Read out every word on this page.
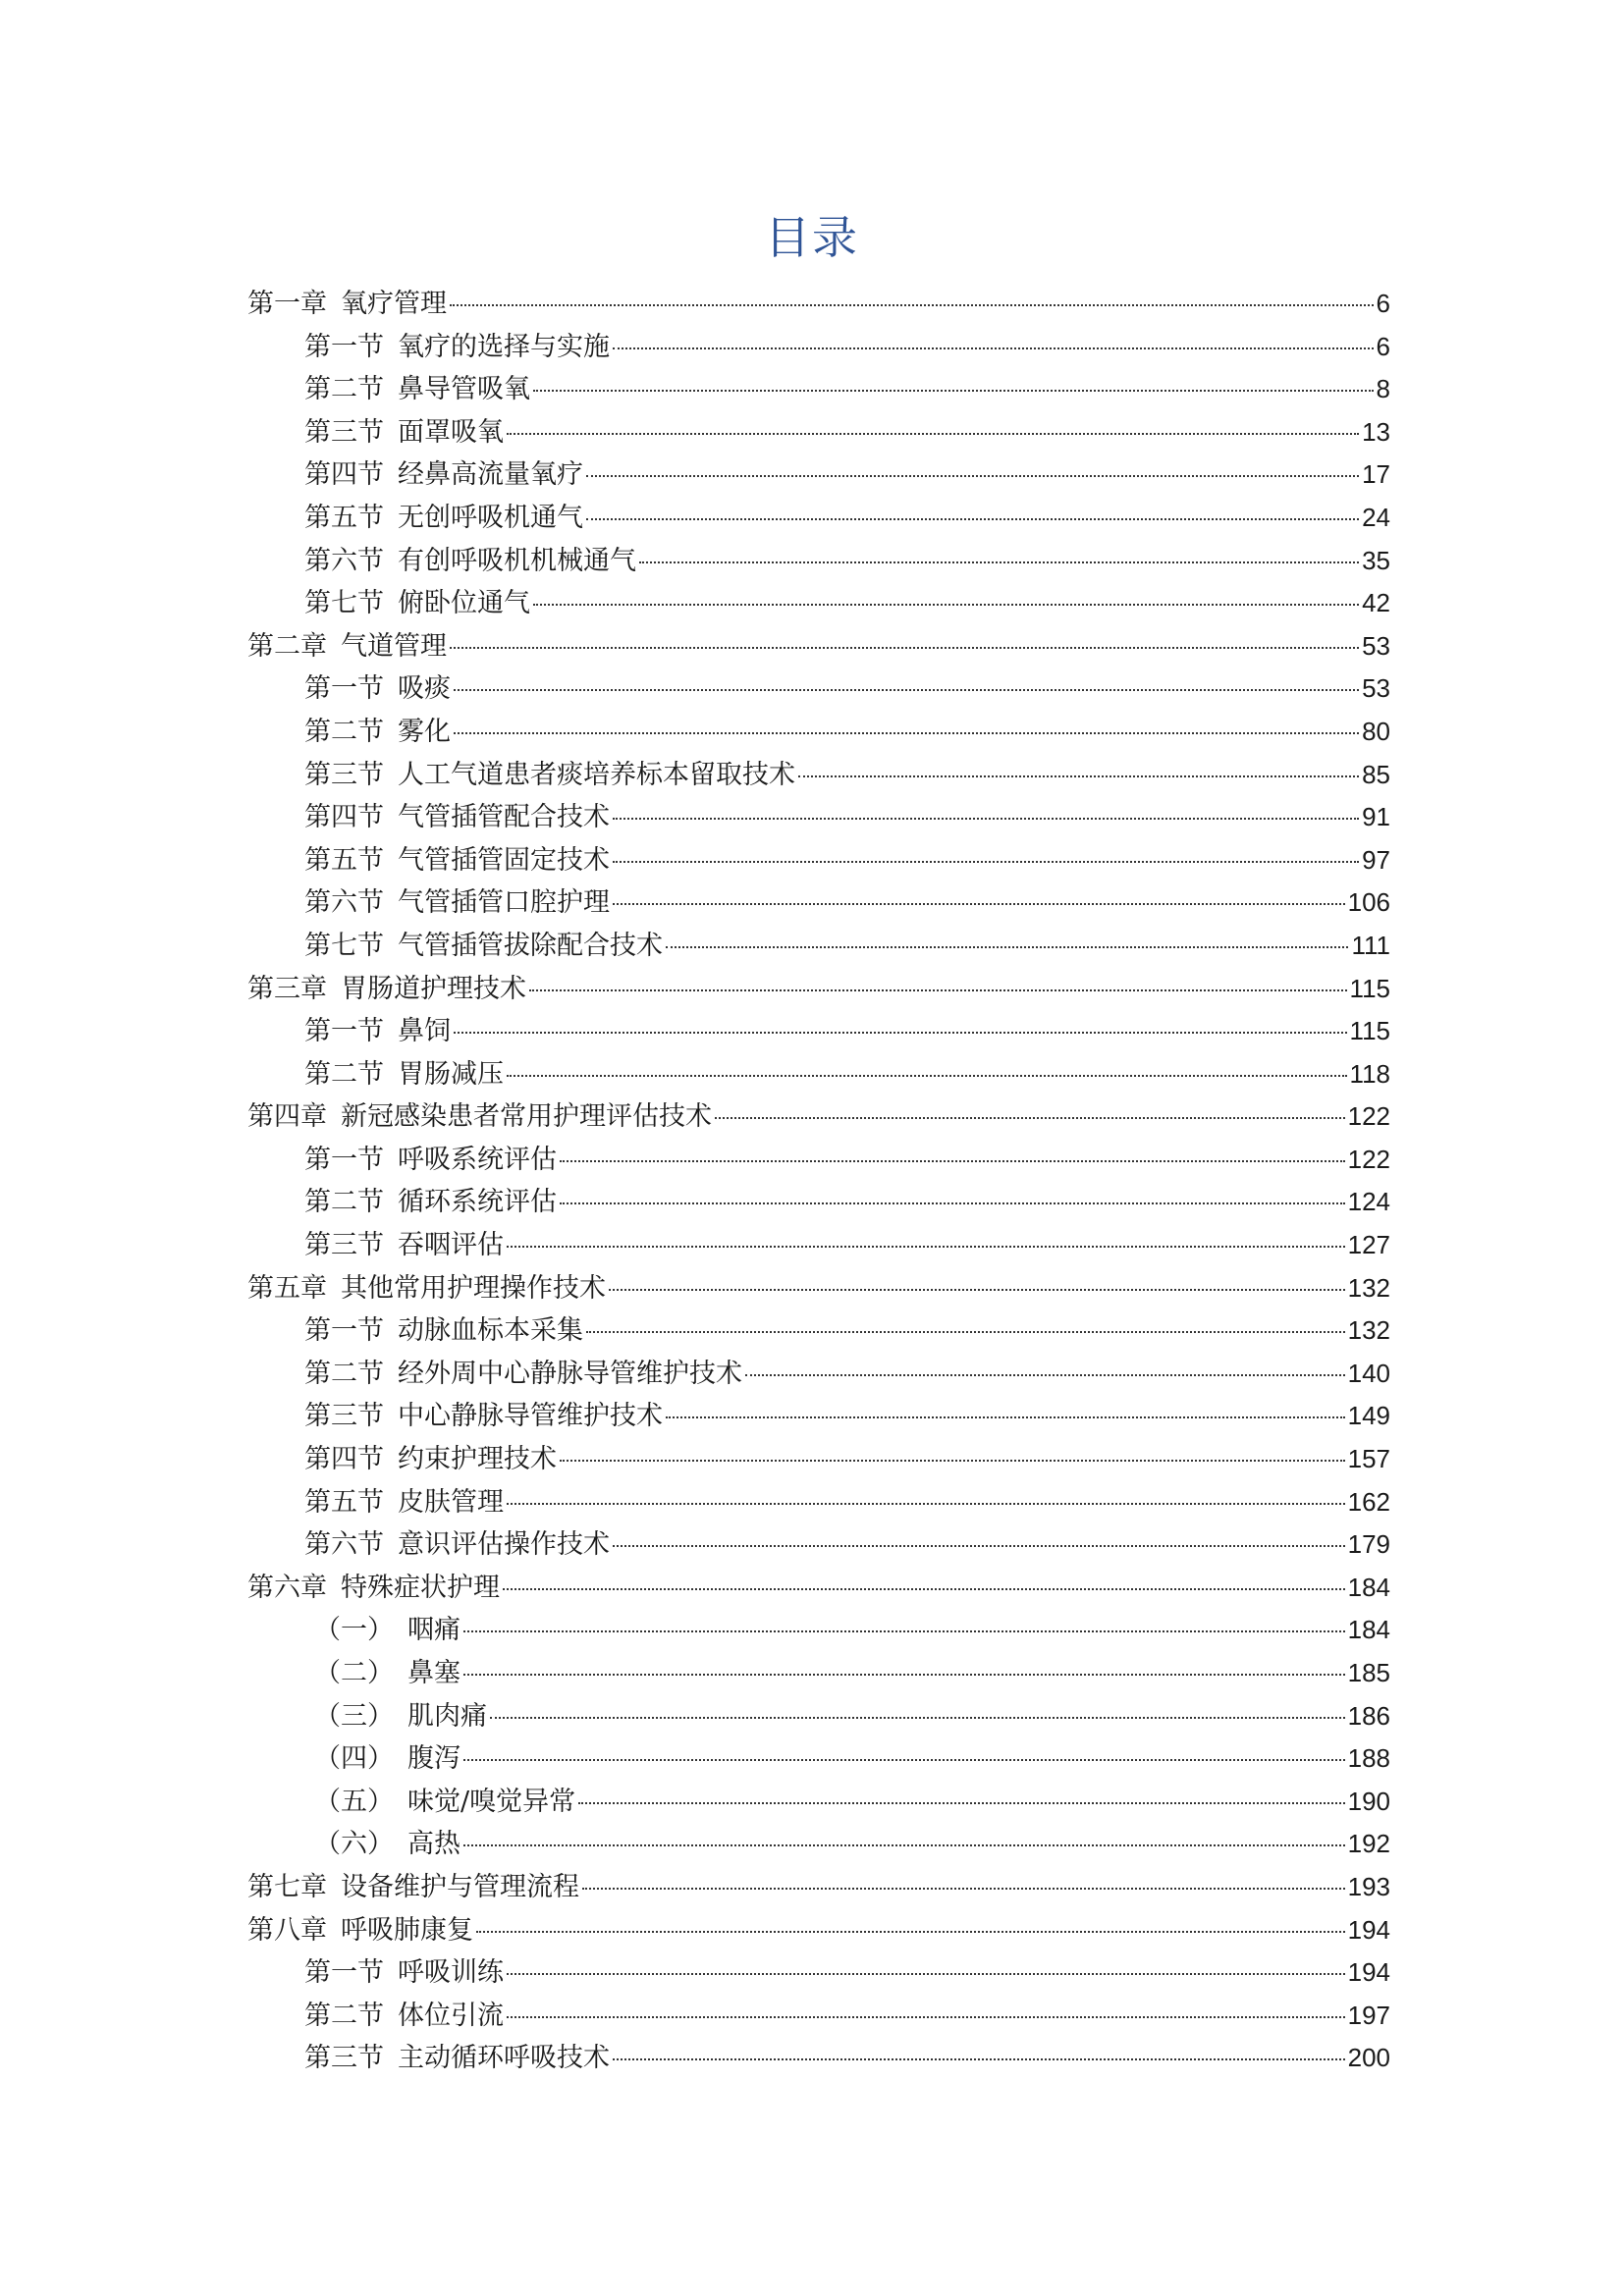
目录
第一章 氧疗管理	6
第一节 氧疗的选择与实施	6
第二节 鼻导管吸氧	8
第三节 面罩吸氧	13
第四节 经鼻高流量氧疗	17
第五节 无创呼吸机通气	24
第六节 有创呼吸机机械通气	35
第七节 俯卧位通气	42
第二章 气道管理	53
第一节 吸痰	53
第二节 雾化	80
第三节 人工气道患者痰培养标本留取技术	85
第四节 气管插管配合技术	91
第五节 气管插管固定技术	97
第六节 气管插管口腔护理	106
第七节 气管插管拔除配合技术	111
第三章 胃肠道护理技术	115
第一节 鼻饲	115
第二节 胃肠减压	118
第四章 新冠感染患者常用护理评估技术	122
第一节 呼吸系统评估	122
第二节 循环系统评估	124
第三节 吞咽评估	127
第五章 其他常用护理操作技术	132
第一节 动脉血标本采集	132
第二节 经外周中心静脉导管维护技术	140
第三节 中心静脉导管维护技术	149
第四节 约束护理技术	157
第五节 皮肤管理	162
第六节 意识评估操作技术	179
第六章 特殊症状护理	184
（一） 咽痛	184
（二） 鼻塞	185
（三） 肌肉痛	186
（四） 腹泻	188
（五） 味觉/嗅觉异常	190
（六） 高热	192
第七章 设备维护与管理流程	193
第八章 呼吸肺康复	194
第一节 呼吸训练	194
第二节 体位引流	197
第三节 主动循环呼吸技术	200
